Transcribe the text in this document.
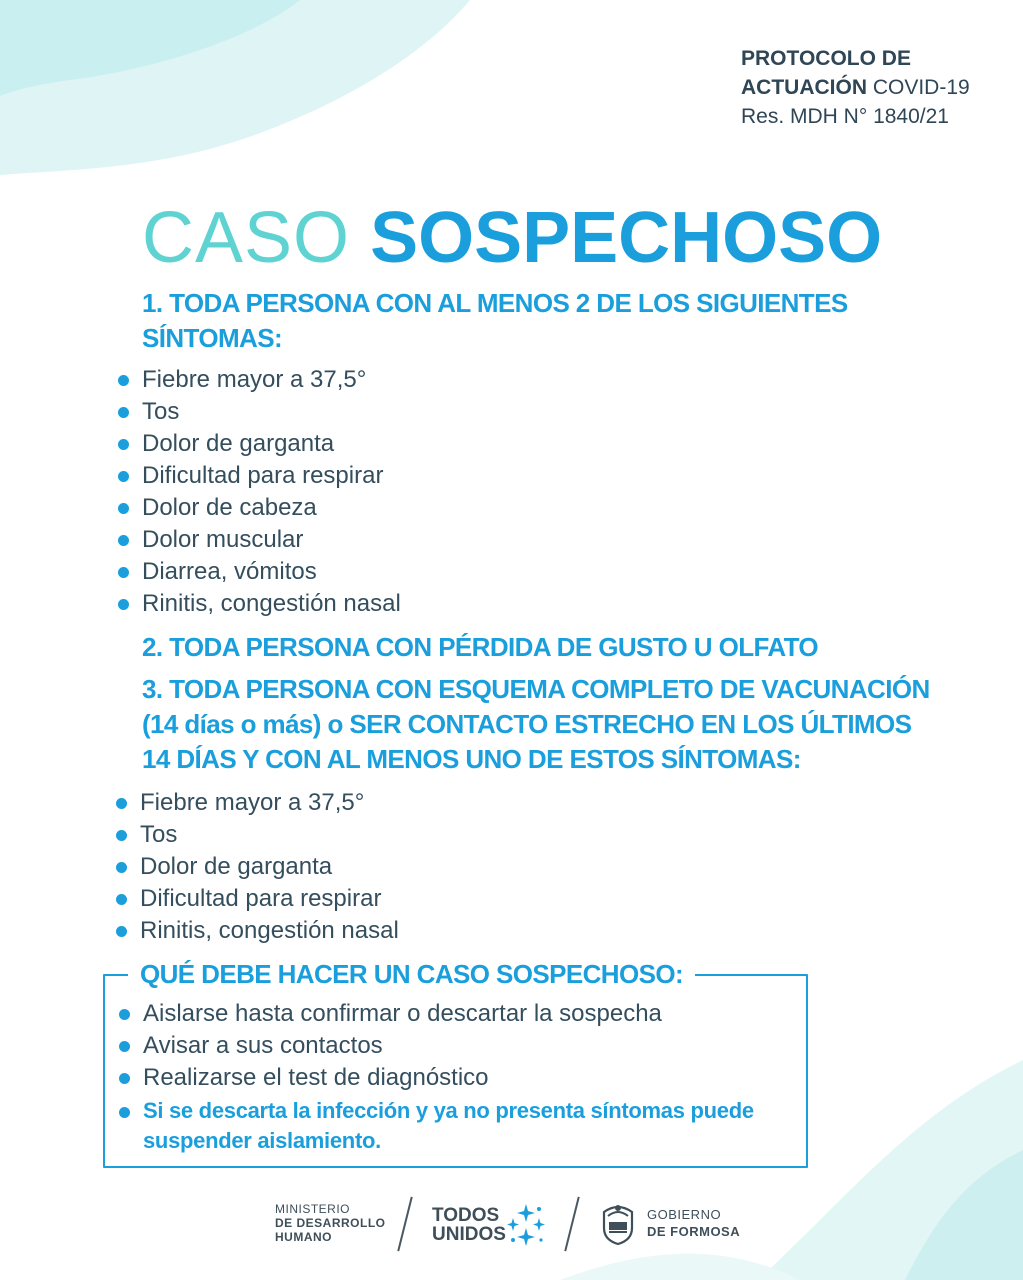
PROTOCOLO DE
ACTUACIÓN COVID-19
Res. MDH N° 1840/21
CASO SOSPECHOSO
1. TODA PERSONA CON AL MENOS 2 DE LOS SIGUIENTES
SÍNTOMAS:
Fiebre mayor a 37,5°
Tos
Dolor de garganta
Dificultad para respirar
Dolor de cabeza
Dolor muscular
Diarrea, vómitos
Rinitis, congestión nasal
2. TODA PERSONA CON PÉRDIDA DE GUSTO U OLFATO
3. TODA PERSONA CON ESQUEMA COMPLETO DE VACUNACIÓN
(14 días o más) o SER CONTACTO ESTRECHO EN LOS ÚLTIMOS
14 DÍAS Y CON AL MENOS UNO DE ESTOS SÍNTOMAS:
Fiebre mayor a 37,5°
Tos
Dolor de garganta
Dificultad para respirar
Rinitis, congestión nasal
QUÉ DEBE HACER UN CASO SOSPECHOSO:
Aislarse hasta confirmar o descartar la sospecha
Avisar a sus contactos
Realizarse el test de diagnóstico
Si se descarta la infección y ya no presenta síntomas puede
suspender aislamiento.
MINISTERIO
DE DESARROLLO
HUMANO
TODOS
UNIDOS
GOBIERNO
DE FORMOSA
